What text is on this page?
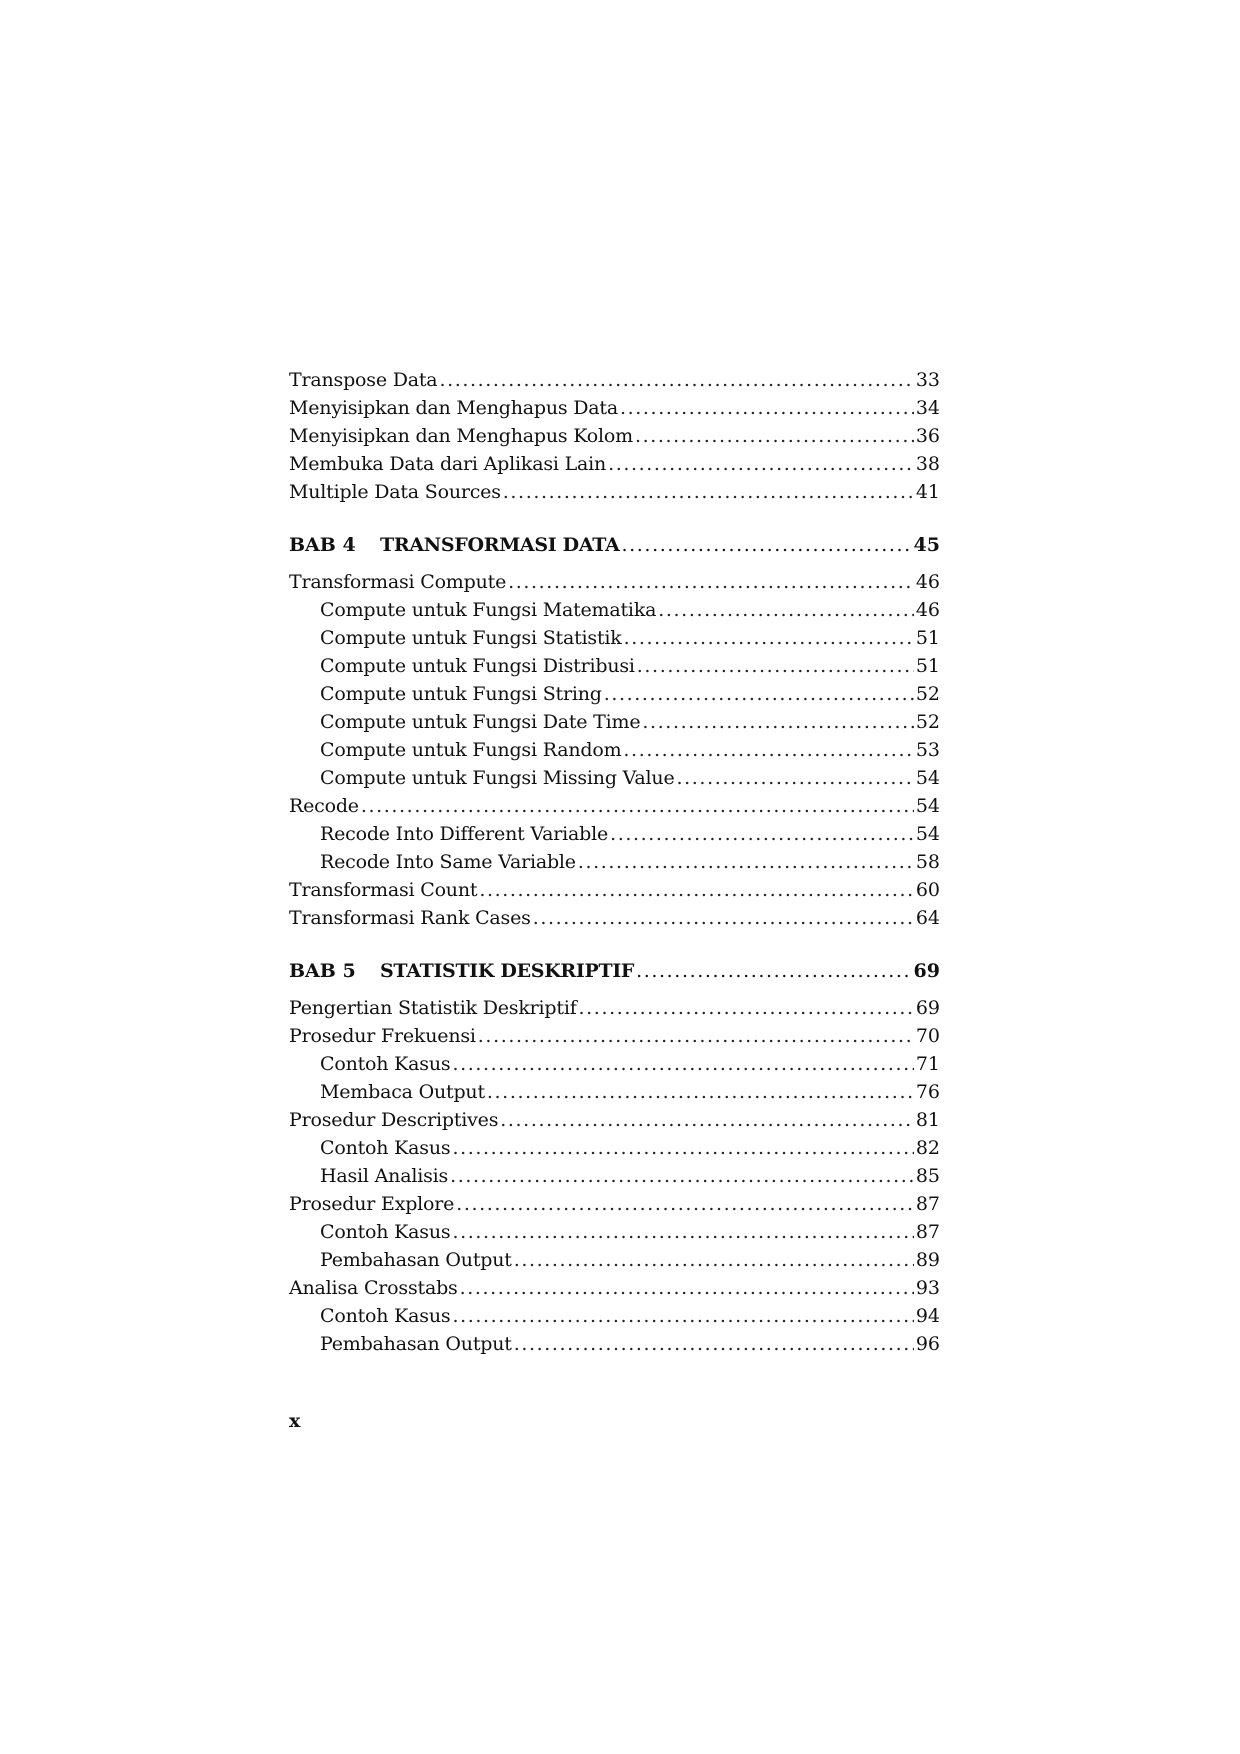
Transpose Data .....	33
Menyisipkan dan Menghapus Data .....	34
Menyisipkan dan Menghapus Kolom .....	36
Membuka Data dari Aplikasi Lain .....	38
Multiple Data Sources .....	41
BAB 4	TRANSFORMASI DATA .....	45
Transformasi Compute .....	46
Compute untuk Fungsi Matematika .....	46
Compute untuk Fungsi Statistik .....	51
Compute untuk Fungsi Distribusi .....	51
Compute untuk Fungsi String .....	52
Compute untuk Fungsi Date Time .....	52
Compute untuk Fungsi Random .....	53
Compute untuk Fungsi Missing Value .....	54
Recode .....	54
Recode Into Different Variable .....	54
Recode Into Same Variable .....	58
Transformasi Count .....	60
Transformasi Rank Cases .....	64
BAB 5	STATISTIK DESKRIPTIF .....	69
Pengertian Statistik Deskriptif .....	69
Prosedur Frekuensi .....	70
Contoh Kasus .....	71
Membaca Output .....	76
Prosedur Descriptives .....	81
Contoh Kasus .....	82
Hasil Analisis .....	85
Prosedur Explore .....	87
Contoh Kasus .....	87
Pembahasan Output .....	89
Analisa Crosstabs .....	93
Contoh Kasus .....	94
Pembahasan Output .....	96
x
